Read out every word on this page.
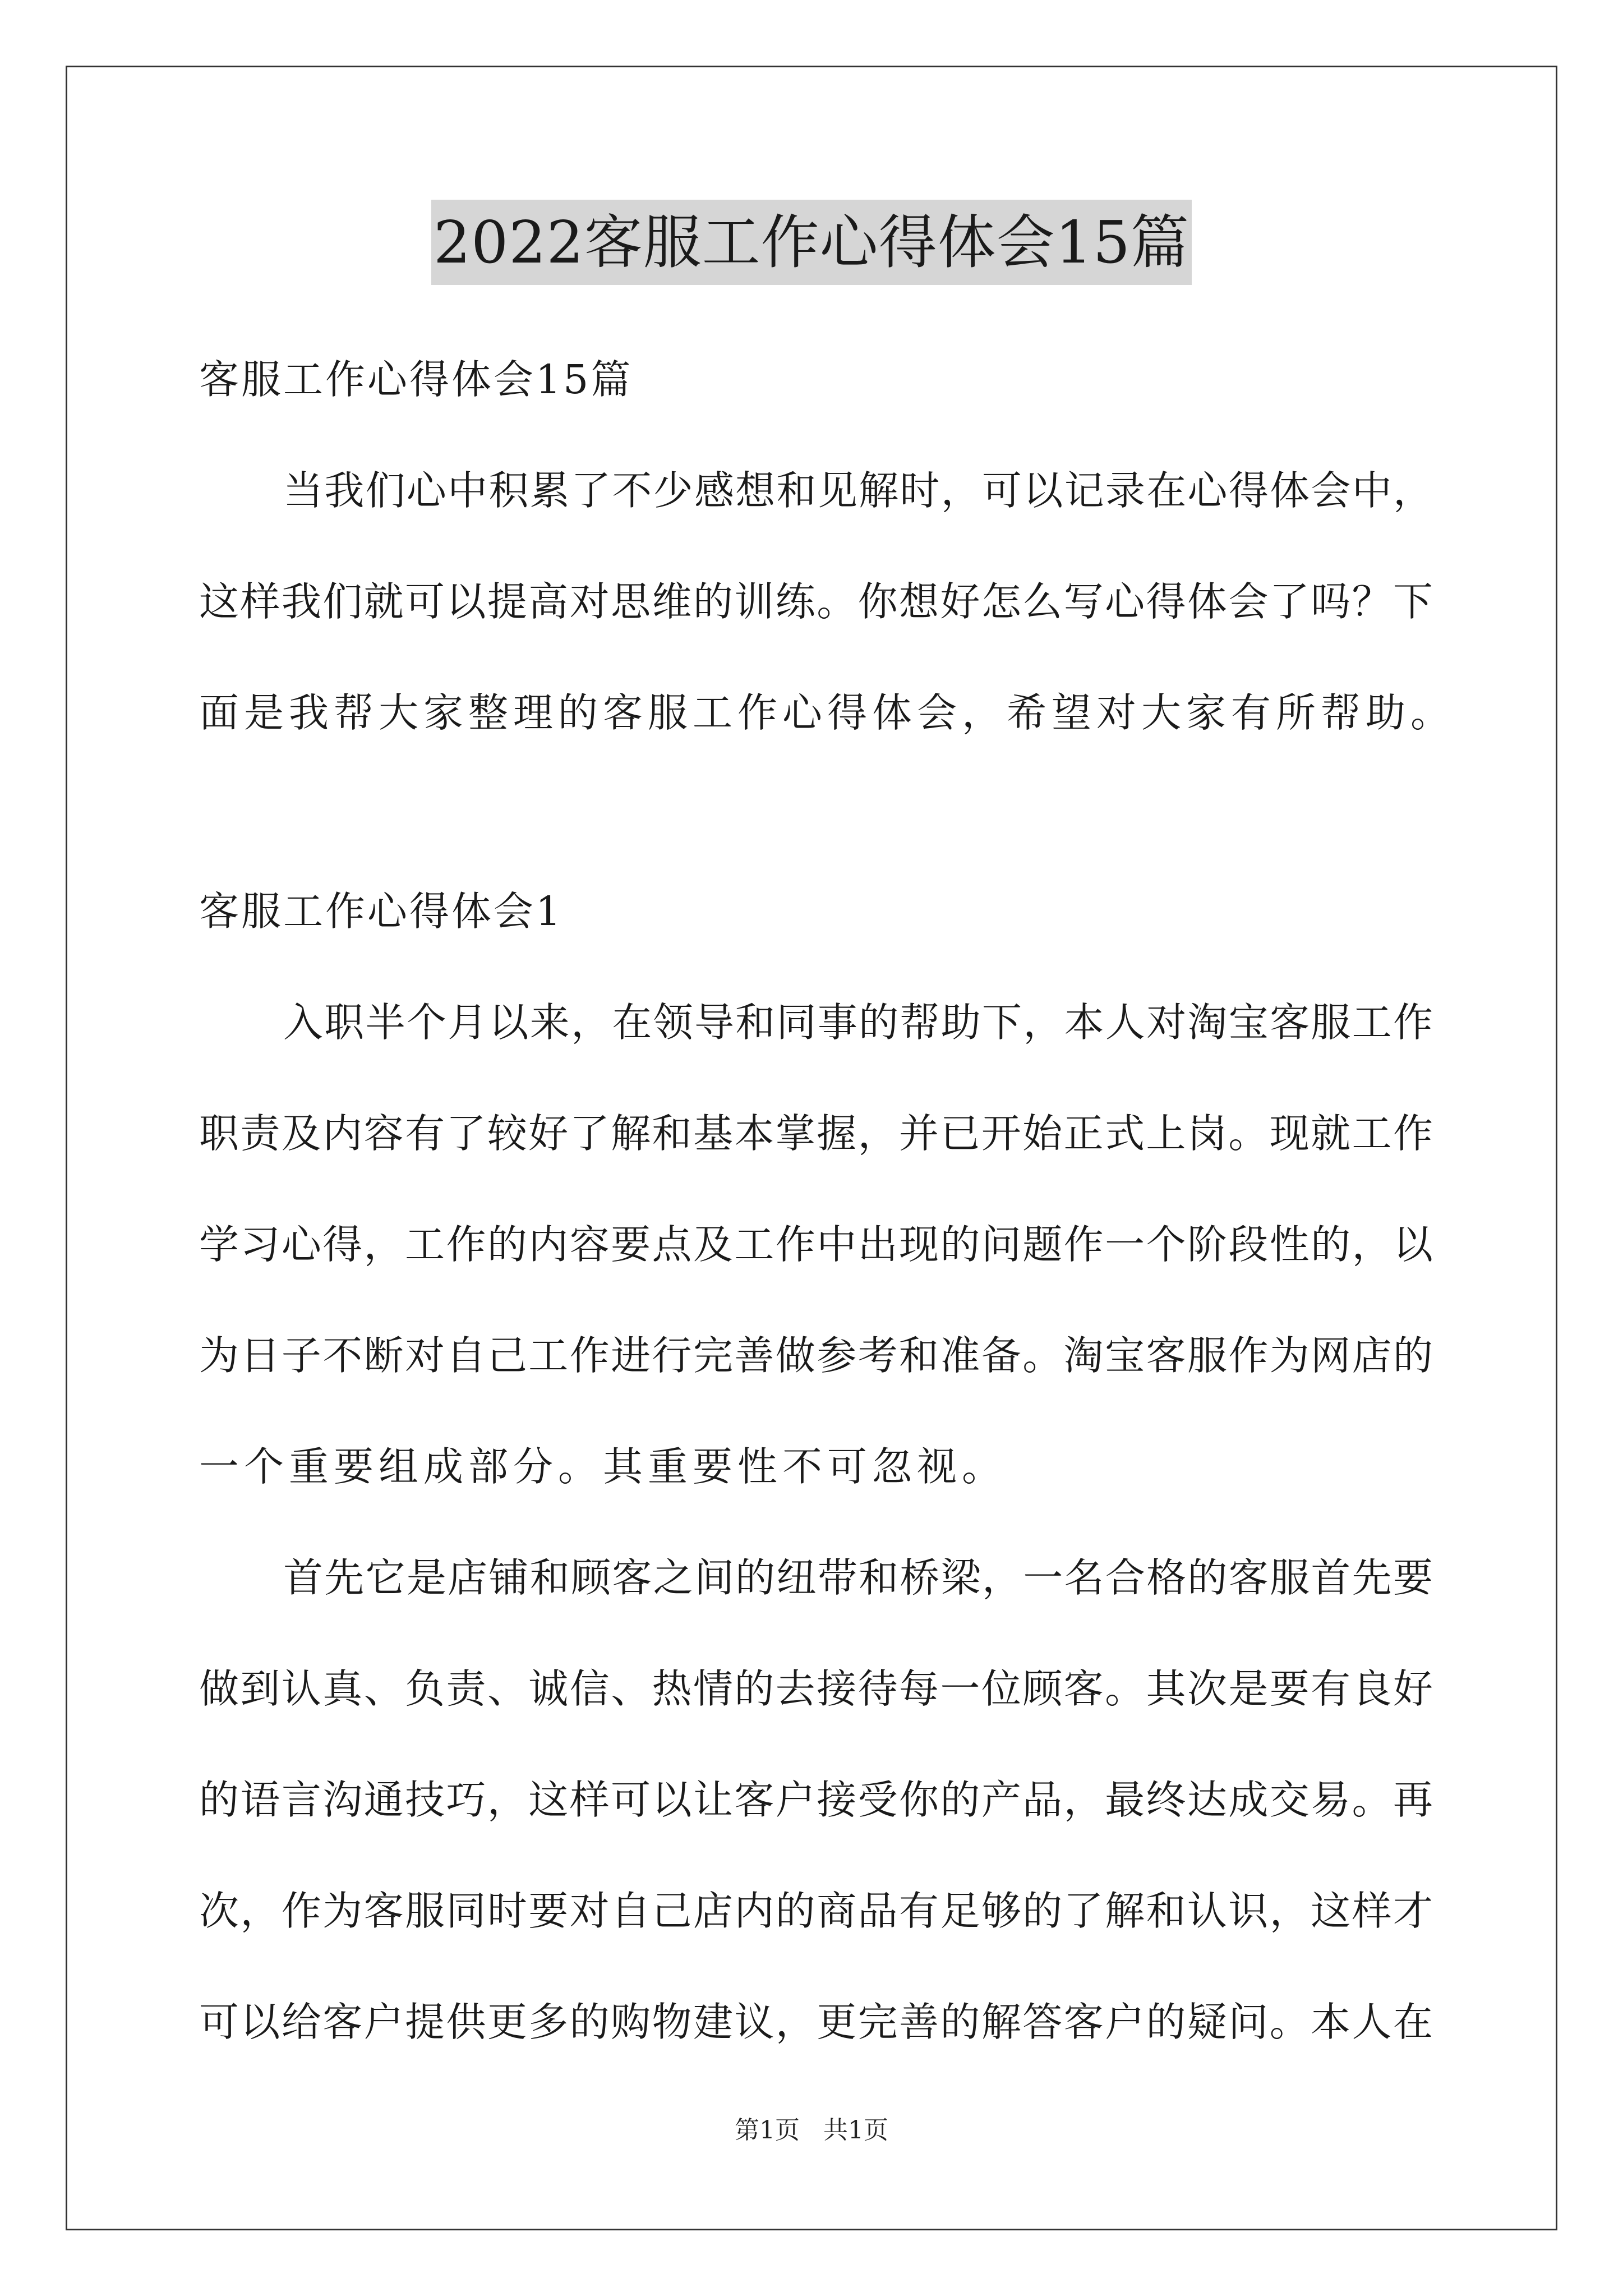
2022客服工作心得体会15篇
客服工作心得体会15篇
当我们心中积累了不少感想和见解时，可以记录在心得体会中，
这样我们就可以提高对思维的训练。你想好怎么写心得体会了吗？下
面是我帮大家整理的客服工作心得体会，希望对大家有所帮助。
客服工作心得体会1
入职半个月以来，在领导和同事的帮助下，本人对淘宝客服工作
职责及内容有了较好了解和基本掌握，并已开始正式上岗。现就工作
学习心得，工作的内容要点及工作中出现的问题作一个阶段性的，以
为日子不断对自己工作进行完善做参考和准备。淘宝客服作为网店的
一个重要组成部分。其重要性不可忽视。
首先它是店铺和顾客之间的纽带和桥梁，一名合格的客服首先要
做到认真、负责、诚信、热情的去接待每一位顾客。其次是要有良好
的语言沟通技巧，这样可以让客户接受你的产品，最终达成交易。再
次，作为客服同时要对自己店内的商品有足够的了解和认识，这样才
可以给客户提供更多的购物建议，更完善的解答客户的疑问。本人在
第1页 共1页
